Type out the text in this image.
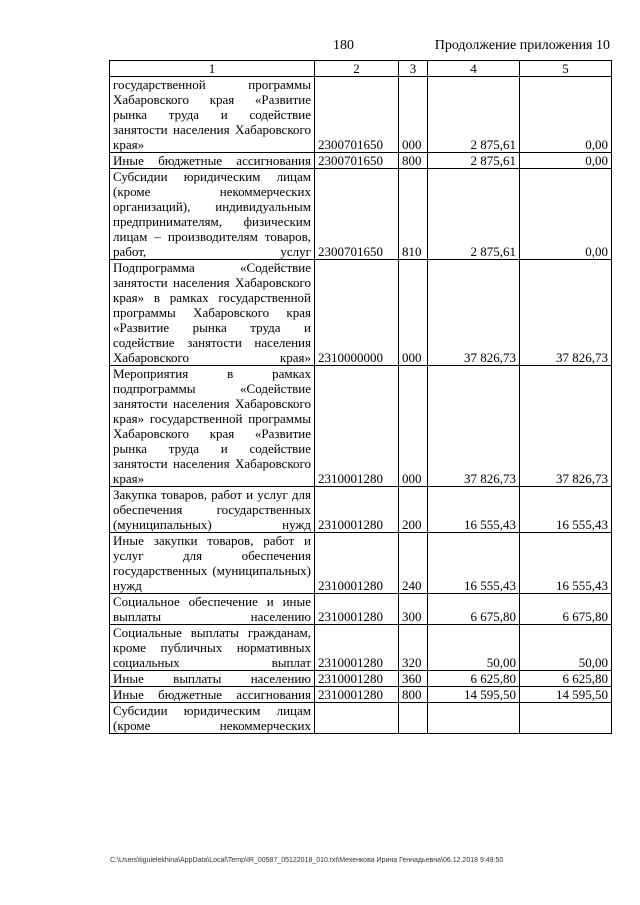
180	Продолжение приложения 10
1	2	3	4	5
государственной программы Хабаровского края «Развитие рынка труда и содействие занятости населения Хабаровского края»	2300701650	000	2 875,61	0,00
Иные бюджетные ассигнования	2300701650	800	2 875,61	0,00
Субсидии юридическим лицам (кроме некоммерческих организаций), индивидуальным предпринимателям, физическим лицам – производителям товаров, работ, услуг	2300701650	810	2 875,61	0,00
Подпрограмма «Содействие занятости населения Хабаровского края» в рамках государственной программы Хабаровского края «Развитие рынка труда и содействие занятости населения Хабаровского края»	2310000000	000	37 826,73	37 826,73
Мероприятия в рамках подпрограммы «Содействие занятости населения Хабаровского края» государственной программы Хабаровского края «Развитие рынка труда и содействие занятости населения Хабаровского края»	2310001280	000	37 826,73	37 826,73
Закупка товаров, работ и услуг для обеспечения государственных (муниципальных) нужд	2310001280	200	16 555,43	16 555,43
Иные закупки товаров, работ и услуг для обеспечения государственных (муниципальных) нужд	2310001280	240	16 555,43	16 555,43
Социальное обеспечение и иные выплаты населению	2310001280	300	6 675,80	6 675,80
Социальные выплаты гражданам, кроме публичных нормативных социальных выплат	2310001280	320	50,00	50,00
Иные выплаты населению	2310001280	360	6 625,80	6 625,80
Иные бюджетные ассигнования	2310001280	800	14 595,50	14 595,50
Субсидии юридическим лицам (кроме некоммерческих				
C:\Users\tiguielekhina\AppData\Local\Temp\IR_00587_05122018_010.txt\Мехенкова Ирина Геннадьевна\06.12.2018 9:49:50
